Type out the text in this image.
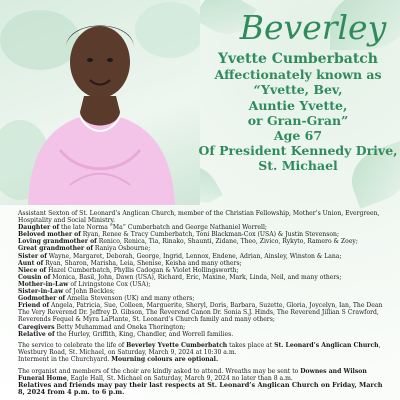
Beverley
Yvette Cumberbatch
Affectionately known as
“Yvette, Bev,
Auntie Yvette,
or Gran-Gran”
Age 67
Of President Kennedy Drive,
St. Michael

Assistant Sexton of St. Leonard’s Anglican Church, member of the Christian Fellowship, Mother’s Union, Evergreen, Hospitality and Social Ministry.

Daughter of the late Norma “Ma” Cumberbatch and George Nathaniel Worrell;

Beloved mother of Ryan, Renee & Tracy Cumberbatch, Toni Blackman-Cox (USA) & Justin Stevenson;

Loving grandmother of Renico, Renica, Tia, Rinako, Shaunti, Zidane, Theo, Zivico, Rykyto, Ramero & Zoey;

Great grandmother of Raniya Osbourne;

Sister of Wayne, Margaret, Deborah, George, Ingrid, Lennox, Endene, Adrian, Ainsley, Winston & Lana;

Aunt of Ryan, Sharon, Marisha, Leia, Shenise, Keisha and many others;

Niece of Hazel Cumberbatch, Phyllis Cadogan & Violet Hollingsworth;

Cousin of Monica, Basil, John, Dawn (USA), Richard, Eric, Maxine, Mark, Linda, Neil, and many others;

Mother-in-Law of Livingstone Cox (USA);

Sister-in-Law of John Beckles;

Godmother of Amelia Stevenson (UK) and many others;

Friend of Angela, Patricia, Sue, Colleen, Marguerite, Sheryl, Doris, Barbara, Suzette, Gloria, Joycelyn, Ian, The Dean The Very Reverend Dr. Jeffrey D. Gibson, The Reverend Canon Dr. Sonia S.J. Hinds, The Reverend Jillian S Crawford, Reverends Fequel & Myra LaPlante, St. Leonard’s Church family and many others;

Caregivers Betty Muhammad and Oneka Thorington;

Relative of the Hurley, Griffith, King, Chandler, and Worrell families.

The service to celebrate the life of Beverley Yvette Cumberbatch takes place at St. Leonard’s Anglican Church, Westbury Road, St. Michael, on Saturday, March 9, 2024 at 10:30 a.m.
Interment in the Churchyard. Mourning colours are optional.

The organist and members of the choir are kindly asked to attend. Wreaths may be sent to Downes and Wilson Funeral Home, Eagle Hall, St. Michael on Saturday, March 9, 2024 no later than 8 a.m.

Relatives and friends may pay their last respects at St. Leonard’s Anglican Church on Friday, March 8, 2024 from 4 p.m. to 6 p.m.
